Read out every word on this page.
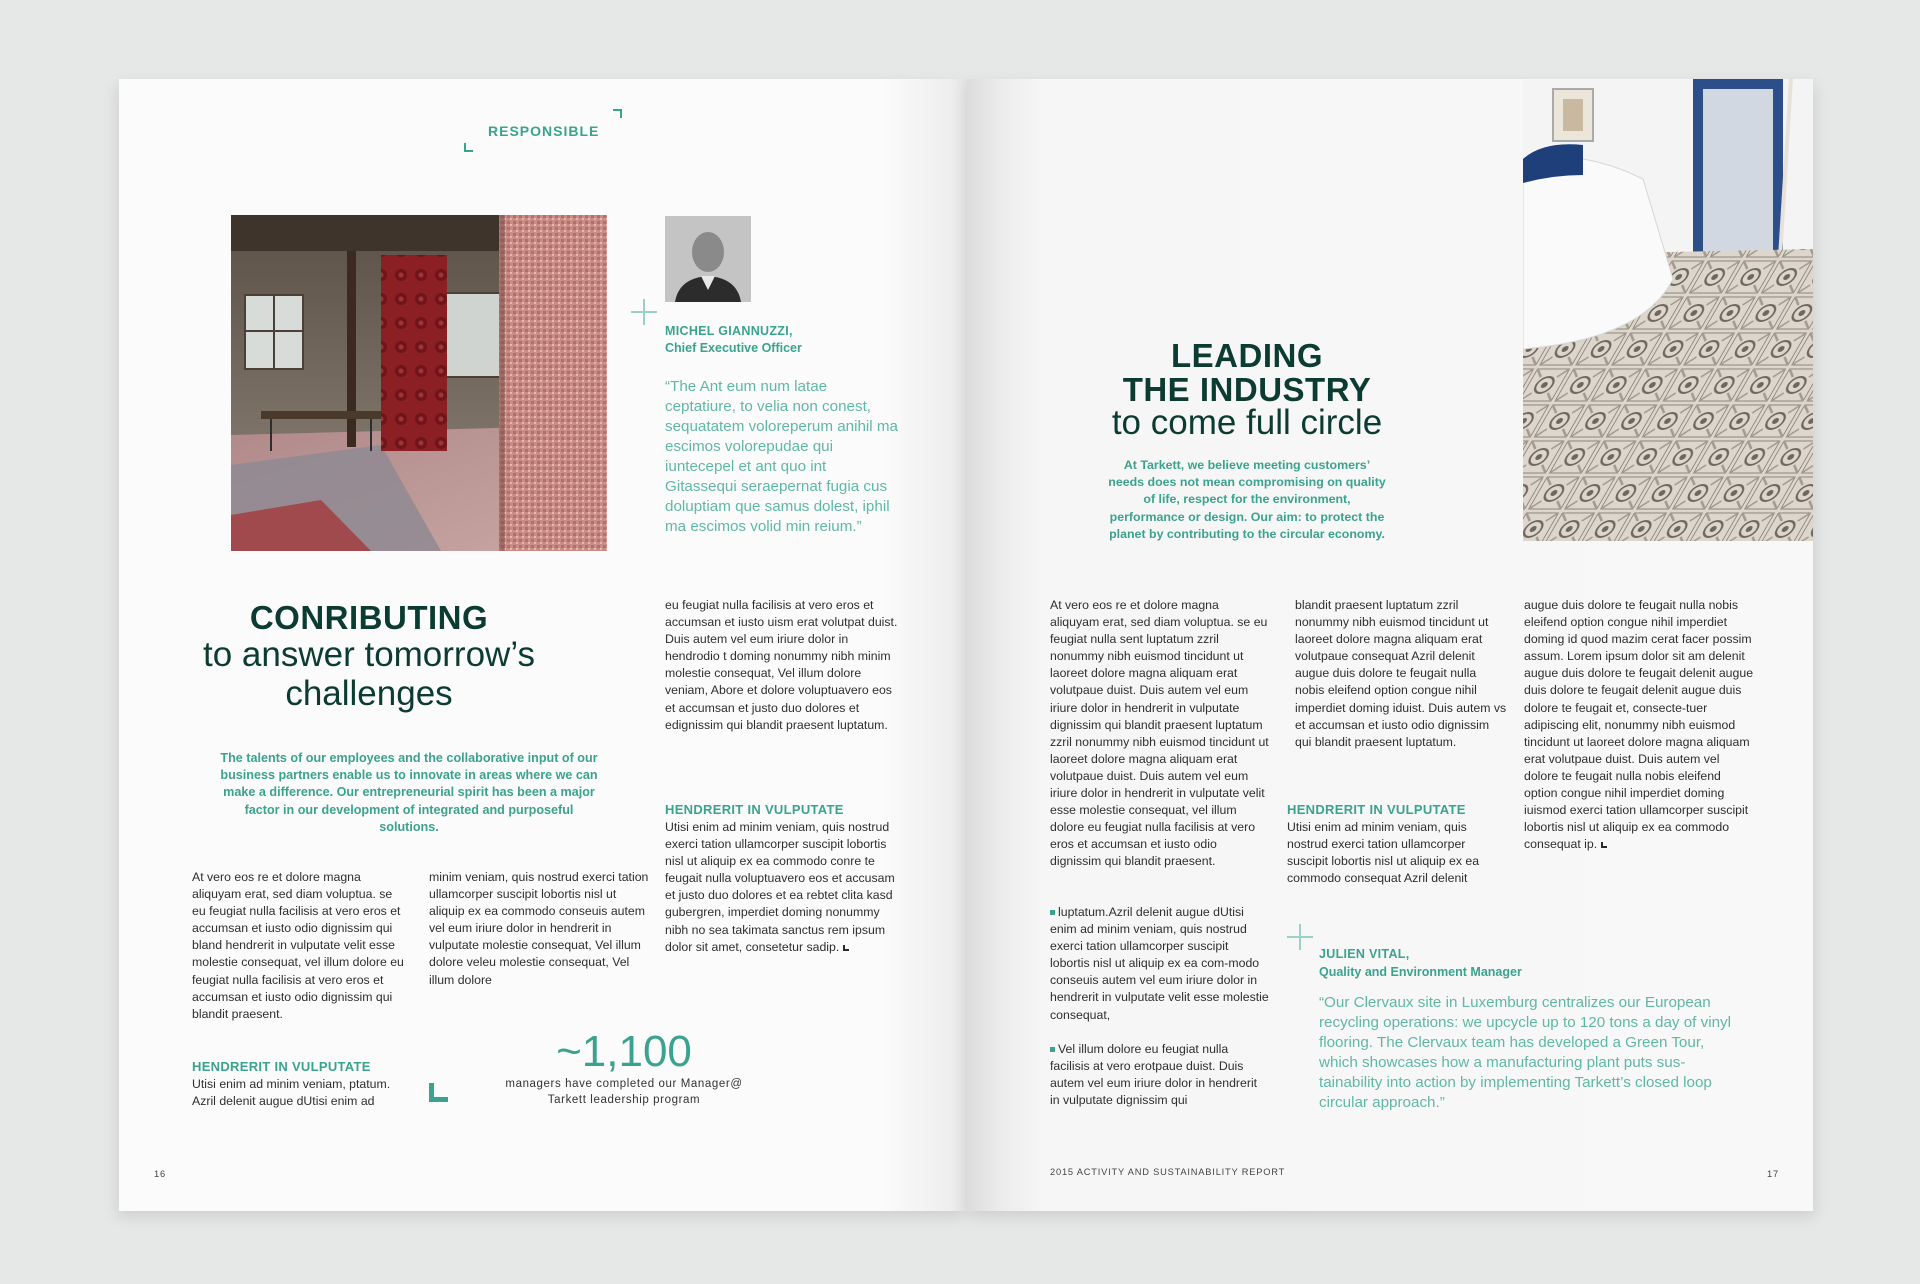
RESPONSIBLE
MICHEL GIANNUZZI,
Chief Executive Officer
“The Ant eum num latae ceptatiure, to velia non conest, sequatatem voloreperum anihil ma escimos volorepudae qui iuntecepel et ant quo int Gitassequi seraepernat fugia cus doluptiam que samus dolest, iphil ma escimos volid min reium.”
CONRIBUTING
to answer tomorrow’s
challenges
The talents of our employees and the collaborative input of our business partners enable us to innovate in areas where we can make a difference. Our entrepreneurial spirit has been a major factor in our development of integrated and purposeful solutions.
At vero eos re et dolore magna aliquyam erat, sed diam voluptua. se eu feugiat nulla facilisis at vero eros et accumsan et iusto odio dignissim qui bland hendrerit in vulputate velit esse molestie consequat, vel illum dolore eu feugiat nulla facilisis at vero eros et accumsan et iusto odio dignissim qui blandit praesent.
HENDRERIT IN VULPUTATE
Utisi enim ad minim veniam, ptatum. Azril delenit augue dUtisi enim ad
minim veniam, quis nostrud exerci tation ullamcorper suscipit lobortis nisl ut aliquip ex ea commodo conseuis autem vel eum iriure dolor in hendrerit in vulputate molestie consequat, Vel illum dolore veleu molestie consequat, Vel illum dolore
eu feugiat nulla facilisis at vero eros et accumsan et iusto uism erat volutpat duist. Duis autem vel eum iriure dolor in hendrodio t doming nonummy nibh minim molestie consequat, Vel illum dolore veniam, Abore et dolore voluptuavero eos et accumsan et justo duo dolores et edignissim qui blandit praesent luptatum.
HENDRERIT IN VULPUTATE
Utisi enim ad minim veniam, quis nostrud exerci tation ullamcorper suscipit lobortis nisl ut aliquip ex ea commodo conre te feugait nulla voluptuavero eos et accusam et justo duo dolores et ea rebtet clita kasd gubergren, imperdiet doming nonummy nibh no sea takimata sanctus rem ipsum dolor sit amet, consetetur sadip.
~1,100
managers have completed our Manager@
Tarkett leadership program
16
LEADING
THE INDUSTRY
to come full circle
At Tarkett, we believe meeting customers’ needs does not mean compromising on quality of life, respect for the environment, performance or design. Our aim: to protect the planet by contributing to the circular economy.
At vero eos re et dolore magna aliquyam erat, sed diam voluptua. se eu feugiat nulla sent luptatum zzril nonummy nibh euismod tincidunt ut laoreet dolore magna aliquam erat volutpaue duist. Duis autem vel eum iriure dolor in hendrerit in vulputate dignissim qui blandit praesent luptatum zzril nonummy nibh euismod tincidunt ut laoreet dolore magna aliquam erat volutpaue duist. Duis autem vel eum iriure dolor in hendrerit in vulputate velit esse molestie consequat, vel illum dolore eu feugiat nulla facilisis at vero eros et accumsan et iusto odio dignissim qui blandit praesent.
luptatum.Azril delenit augue dUtisi enim ad minim veniam, quis nostrud exerci tation ullamcorper suscipit lobortis nisl ut aliquip ex ea com-modo conseuis autem vel eum iriure dolor in hendrerit in vulputate velit esse molestie consequat,
Vel illum dolore eu feugiat nulla facilisis at vero erotpaue duist. Duis autem vel eum iriure dolor in hendrerit in vulputate dignissim qui
blandit praesent luptatum zzril nonummy nibh euismod tincidunt ut laoreet dolore magna aliquam erat volutpaue consequat Azril delenit augue duis dolore te feugait nulla nobis eleifend option congue nihil imperdiet doming iduist. Duis autem vs et accumsan et iusto odio dignissim qui blandit praesent luptatum.
HENDRERIT IN VULPUTATE
Utisi enim ad minim veniam, quis nostrud exerci tation ullamcorper suscipit lobortis nisl ut aliquip ex ea commodo consequat Azril delenit
augue duis dolore te feugait nulla nobis eleifend option congue nihil imperdiet doming id quod mazim cerat facer possim assum. Lorem ipsum dolor sit am delenit augue duis dolore te feugait delenit augue duis dolore te feugait delenit augue duis dolore te feugait et, consecte-tuer adipiscing elit, nonummy nibh euismod tincidunt ut laoreet dolore magna aliquam erat volutpaue duist. Duis autem vel dolore te feugait nulla nobis eleifend option congue nihil imperdiet doming iuismod exerci tation ullamcorper suscipit lobortis nisl ut aliquip ex ea commodo consequat ip.
JULIEN VITAL,
Quality and Environment Manager
“Our Clervaux site in Luxemburg centralizes our European recycling operations: we upcycle up to 120 tons a day of vinyl flooring. The Clervaux team has developed a Green Tour, which showcases how a manufacturing plant puts sus-tainability into action by implementing Tarkett’s closed loop circular approach.”
2015 ACTIVITY AND SUSTAINABILITY REPORT	17
